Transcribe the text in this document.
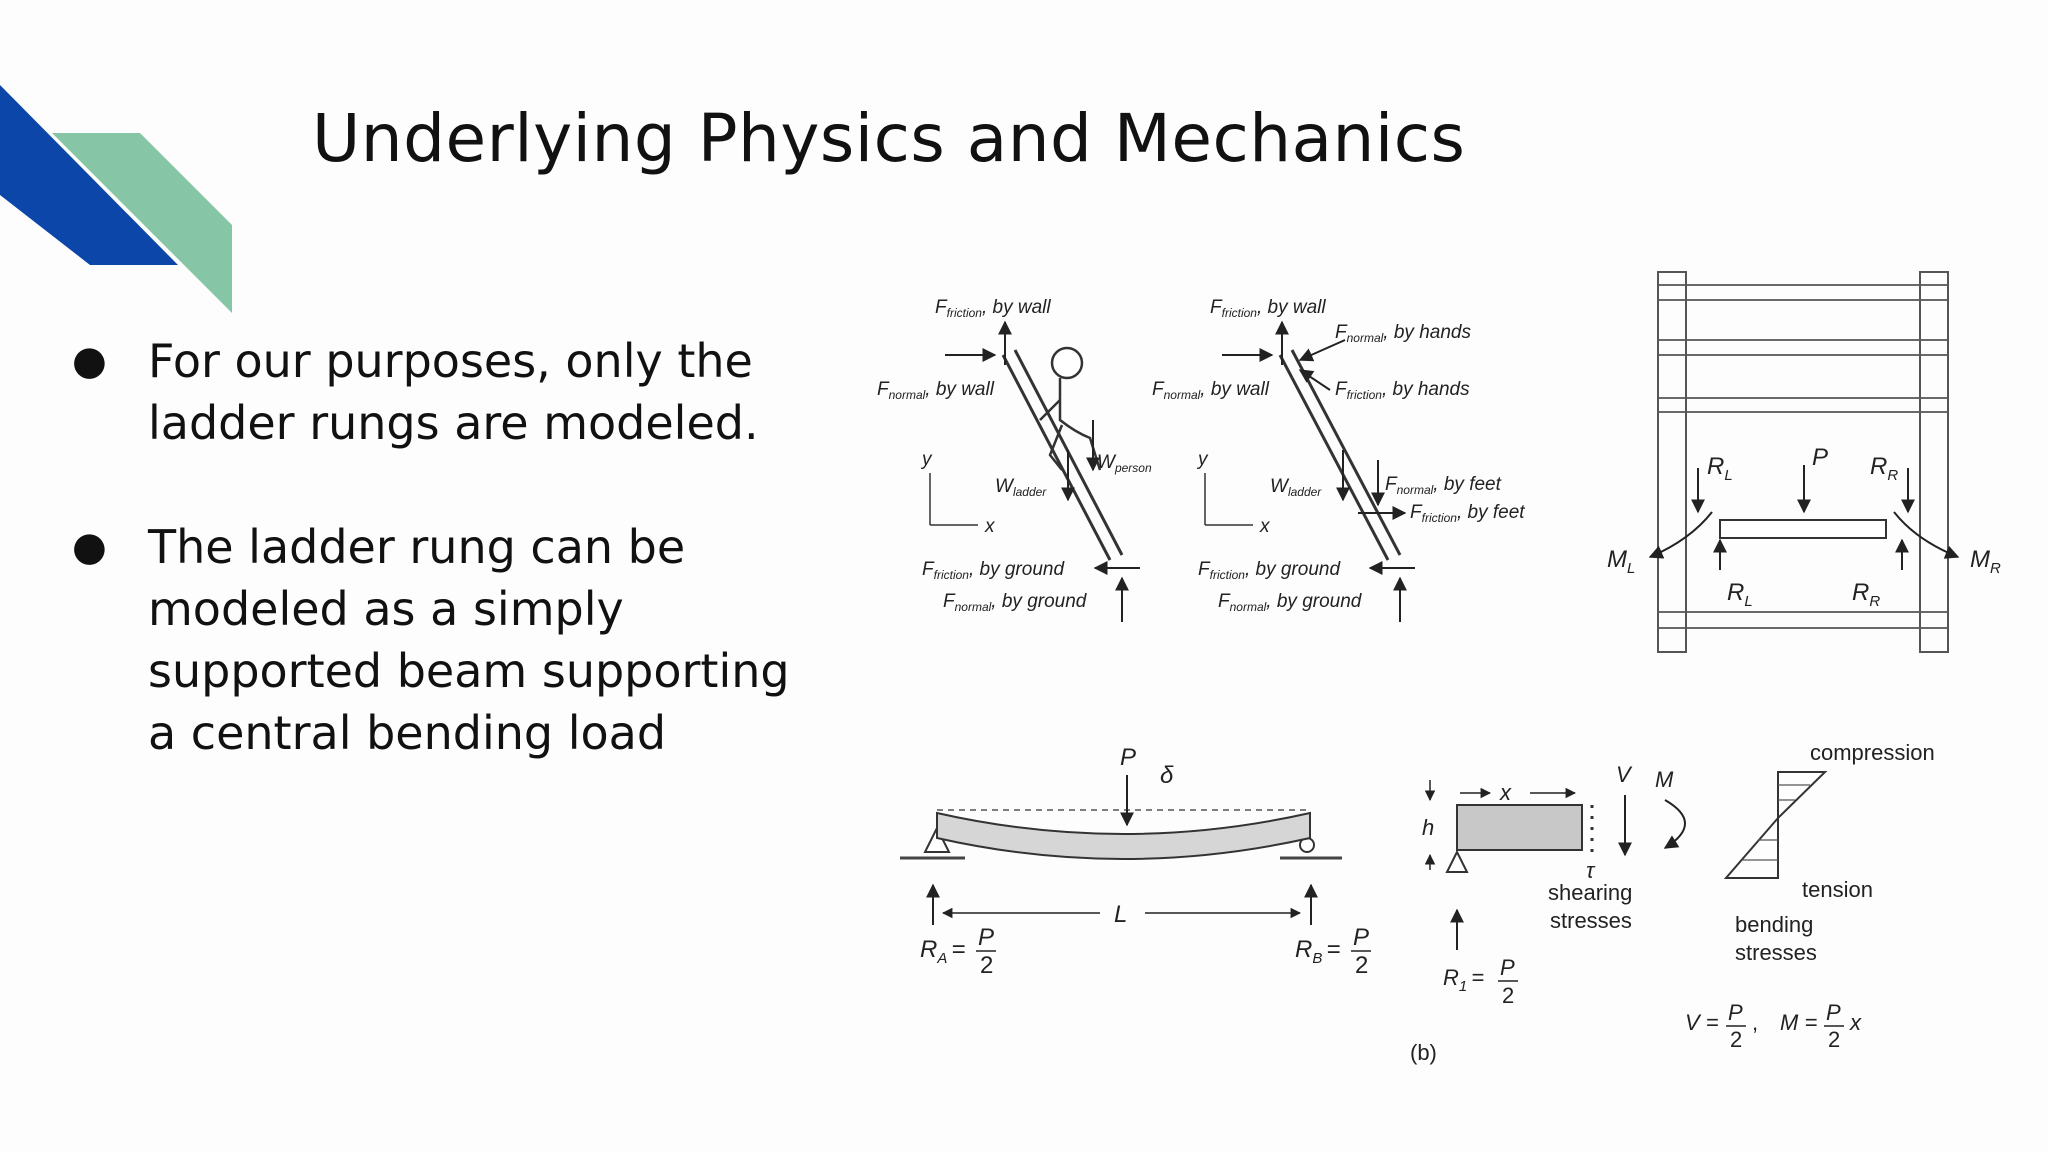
Underlying Physics and Mechanics
● For our purposes, only the
ladder rungs are modeled.
● The ladder rung can be
modeled as a simply
supported beam supporting
a central bending load
$F_{friction}$, by wall
$F_{normal}$, by wall
$W_{ladder}$
$W_{person}$
y
x
$F_{friction}$, by ground
$F_{normal}$, by ground
$F_{friction}$, by wall
$F_{normal}$, by wall
$F_{normal}$, by hands
$F_{friction}$, by hands
$W_{ladder}$	$F_{normal}$, by feet
$F_{friction}$, by feet
y
x
$F_{friction}$, by ground
$F_{normal}$, by ground
$R_L$
P $R_R$
$R_L$	$R_R$
$M_L$	$M_R$
P
δ
L
$R_A = P$
2
$R_B = P$
2
x
h
τ
shearing
stresses
V M
compression
tension
bending
stresses
$R_1 = P$
2
V = P
2
, M = P
2
x
(b)
